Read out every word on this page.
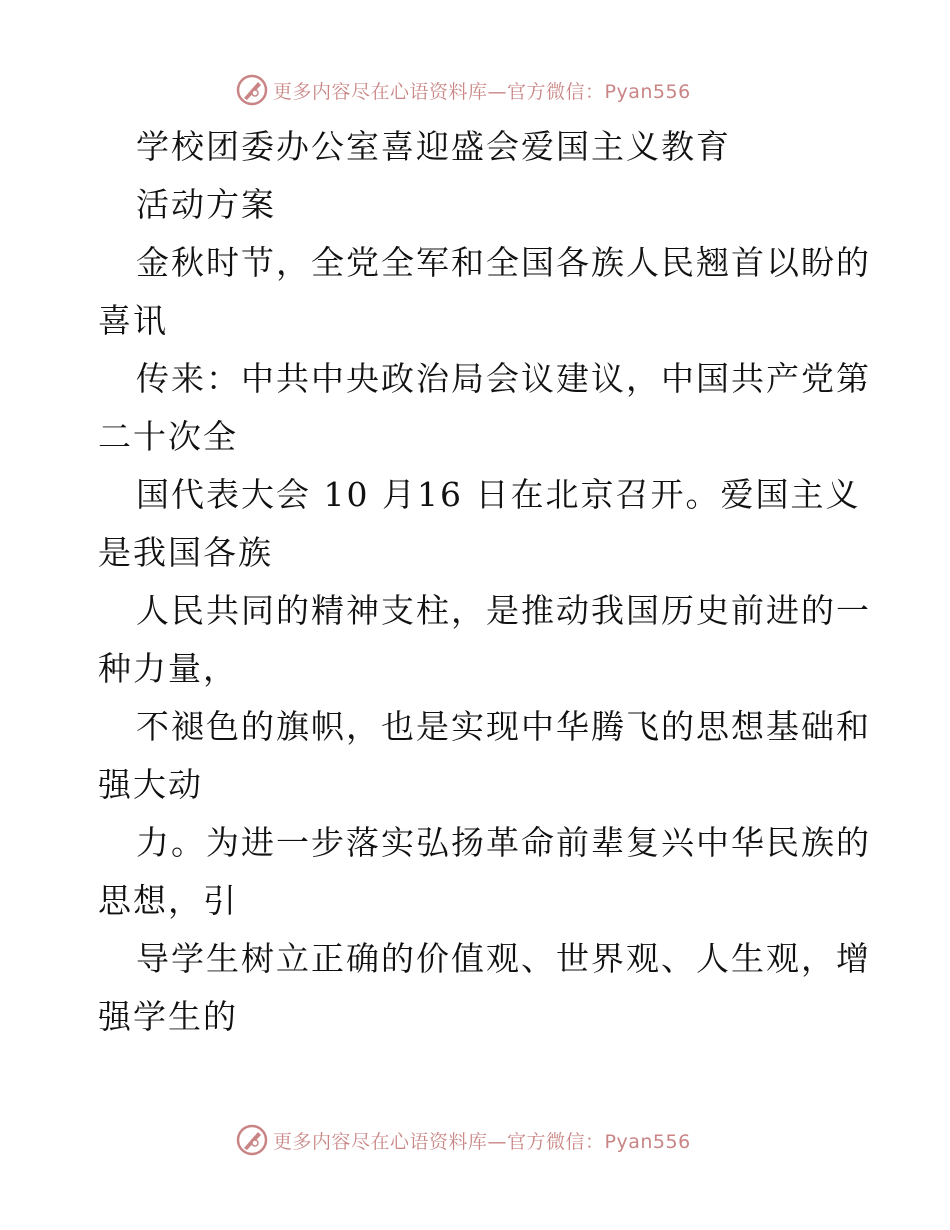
更多内容尽在心语资料库—官方微信：Pyan556
学校团委办公室喜迎盛会爱国主义教育
活动方案
金秋时节，全党全军和全国各族人民翘首以盼的
喜讯
传来：中共中央政治局会议建议，中国共产党第
二十次全
国代表大会 10 月16 日在北京召开。爱国主义
是我国各族
人民共同的精神支柱，是推动我国历史前进的一
种力量，
不褪色的旗帜，也是实现中华腾飞的思想基础和
强大动
力。为进一步落实弘扬革命前辈复兴中华民族的
思想，引
导学生树立正确的价值观、世界观、人生观，增
强学生的
更多内容尽在心语资料库—官方微信：Pyan556
